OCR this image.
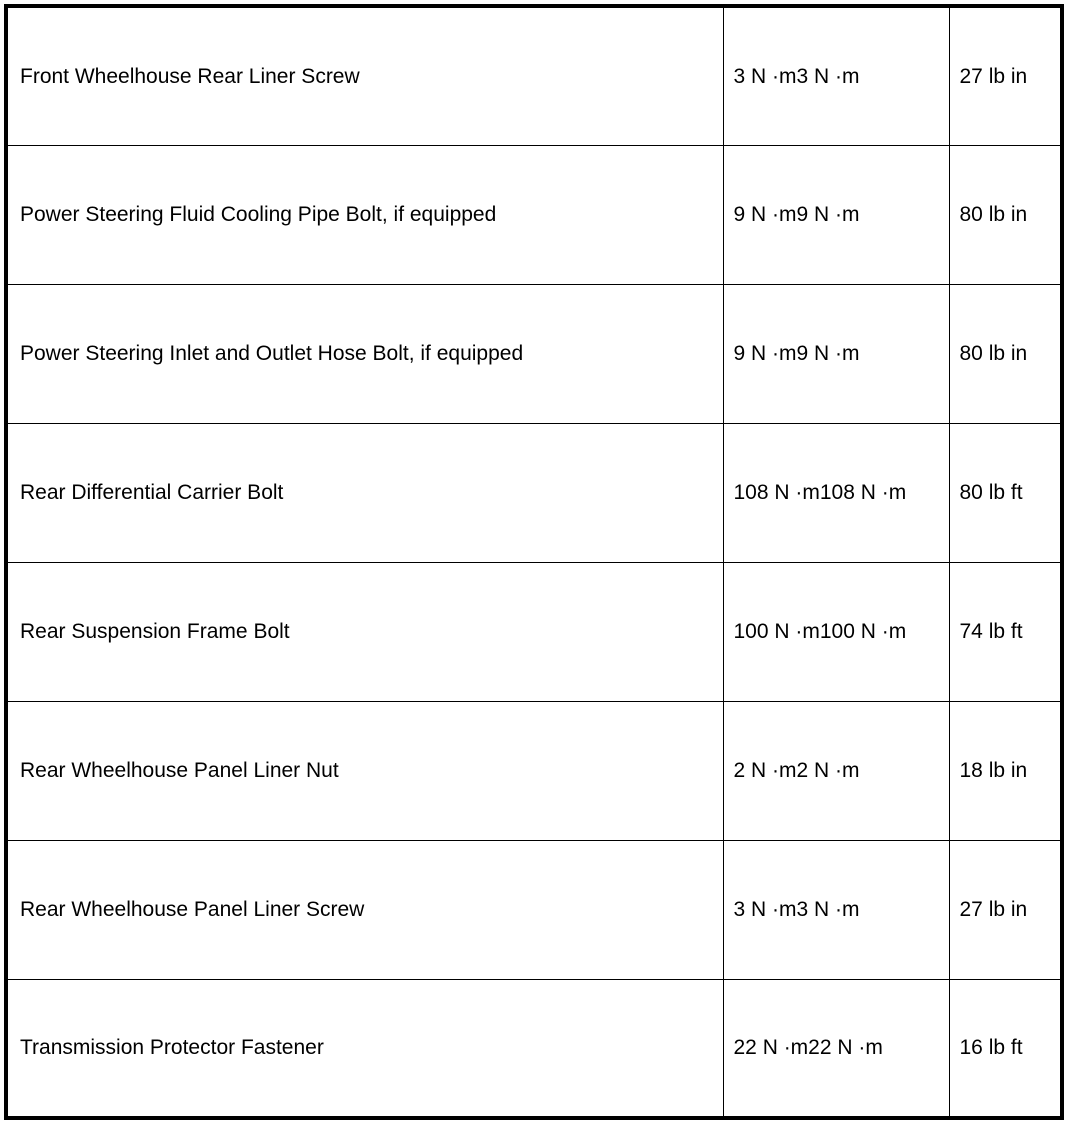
Front Wheelhouse Rear Liner Screw	3 N ·m3 N ·m	27 lb in
Power Steering Fluid Cooling Pipe Bolt, if equipped	9 N ·m9 N ·m	80 lb in
Power Steering Inlet and Outlet Hose Bolt, if equipped	9 N ·m9 N ·m	80 lb in
Rear Differential Carrier Bolt	108 N ·m108 N ·m	80 lb ft
Rear Suspension Frame Bolt	100 N ·m100 N ·m	74 lb ft
Rear Wheelhouse Panel Liner Nut	2 N ·m2 N ·m	18 lb in
Rear Wheelhouse Panel Liner Screw	3 N ·m3 N ·m	27 lb in
Transmission Protector Fastener	22 N ·m22 N ·m	16 lb ft
